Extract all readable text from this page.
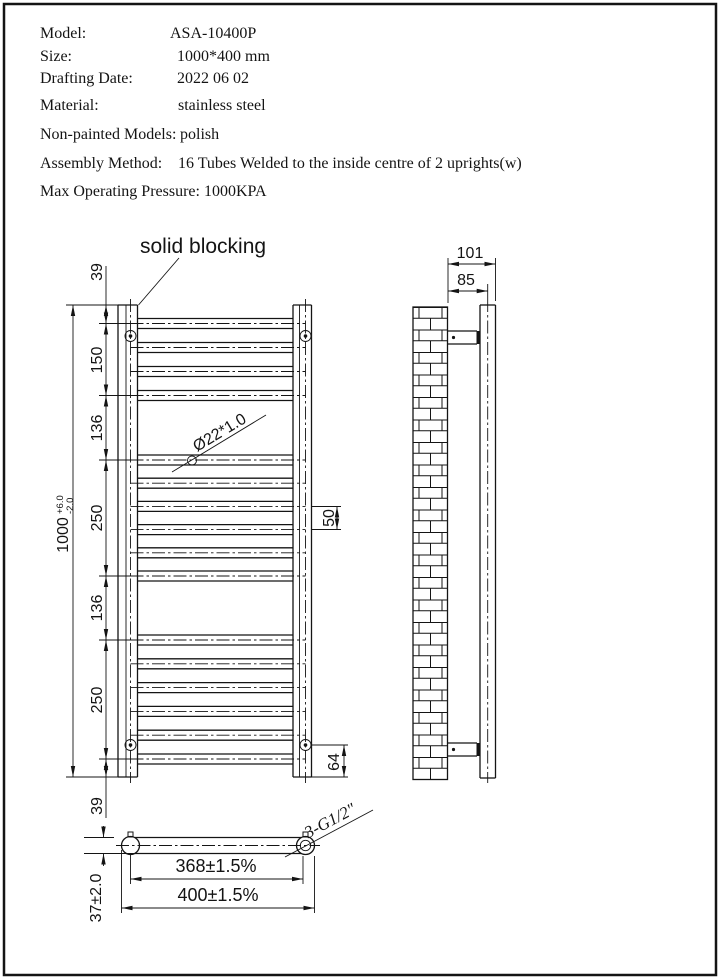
Model:	ASA-10400P
Size:	1000*400 mm
Drafting Date:	2022 06 02
Material:	stainless steel
Non-painted Models: polish
Assembly Method: 16 Tubes Welded to the inside centre of 2 uprights(w)
Max Operating Pressure: 1000KPA
solid blocking
Ø22*1.0
39
150
136
250
136
250
39
1000
+6.0 -2.0
50
64
101
85
368±1.5%
400±1.5%
37±2.0
3-G1/2"
